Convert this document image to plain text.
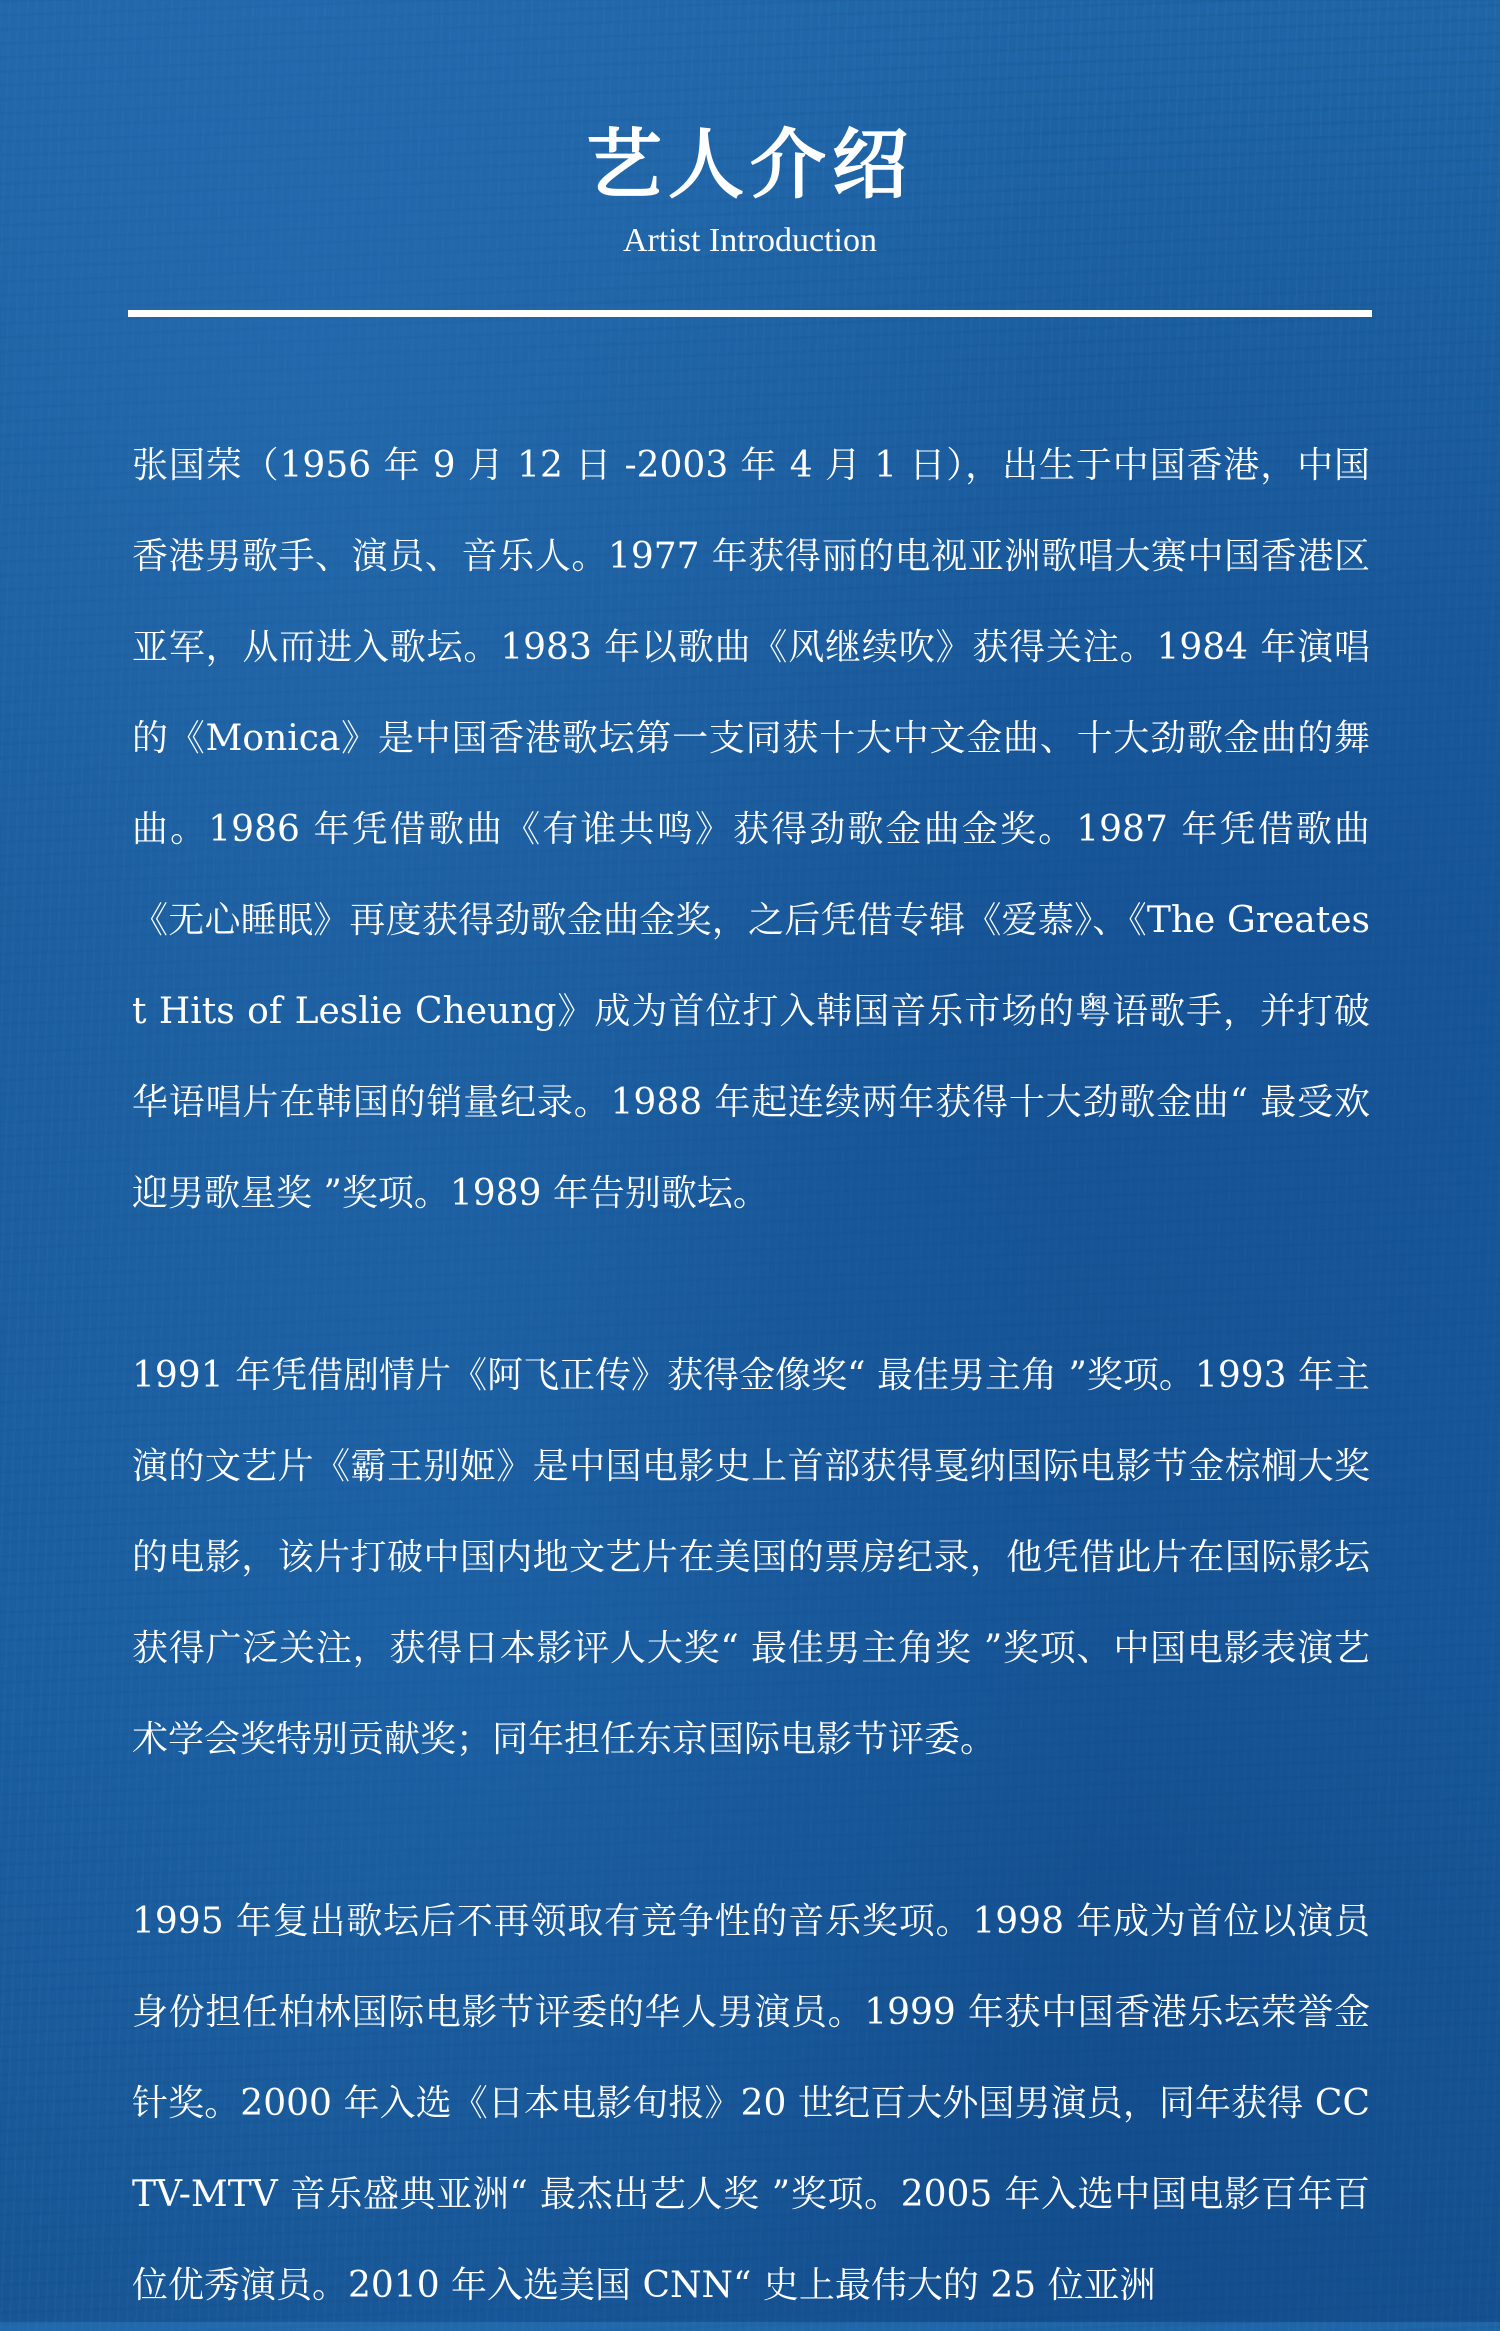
艺人介绍
Artist Introduction

张国荣（1956 年 9 月 12 日 -2003 年 4 月 1 日），出生于中国香港，中国香港男歌手、演员、音乐人。1977 年获得丽的电视亚洲歌唱大赛中国香港区亚军，从而进入歌坛。1983 年以歌曲《风继续吹》获得关注。1984 年演唱的《Monica》是中国香港歌坛第一支同获十大中文金曲、十大劲歌金曲的舞曲。1986 年凭借歌曲《有谁共鸣》获得劲歌金曲金奖。1987 年凭借歌曲《无心睡眠》再度获得劲歌金曲金奖，之后凭借专辑《爱慕》、《The Greatest Hits of Leslie Cheung》成为首位打入韩国音乐市场的粤语歌手，并打破华语唱片在韩国的销量纪录。1988 年起连续两年获得十大劲歌金曲“ 最受欢迎男歌星奖 ”奖项。1989 年告别歌坛。

1991 年凭借剧情片《阿飞正传》获得金像奖“ 最佳男主角 ”奖项。1993 年主演的文艺片《霸王别姬》是中国电影史上首部获得戛纳国际电影节金棕榈大奖的电影，该片打破中国内地文艺片在美国的票房纪录，他凭借此片在国际影坛获得广泛关注，获得日本影评人大奖“ 最佳男主角奖 ”奖项、中国电影表演艺术学会奖特别贡献奖；同年担任东京国际电影节评委。

1995 年复出歌坛后不再领取有竞争性的音乐奖项。1998 年成为首位以演员身份担任柏林国际电影节评委的华人男演员。1999 年获中国香港乐坛荣誉金针奖。2000 年入选《日本电影旬报》20 世纪百大外国男演员，同年获得 CCTV-MTV 音乐盛典亚洲“ 最杰出艺人奖 ”奖项。2005 年入选中国电影百年百位优秀演员。2010 年入选美国 CNN“ 史上最伟大的 25 位亚洲
